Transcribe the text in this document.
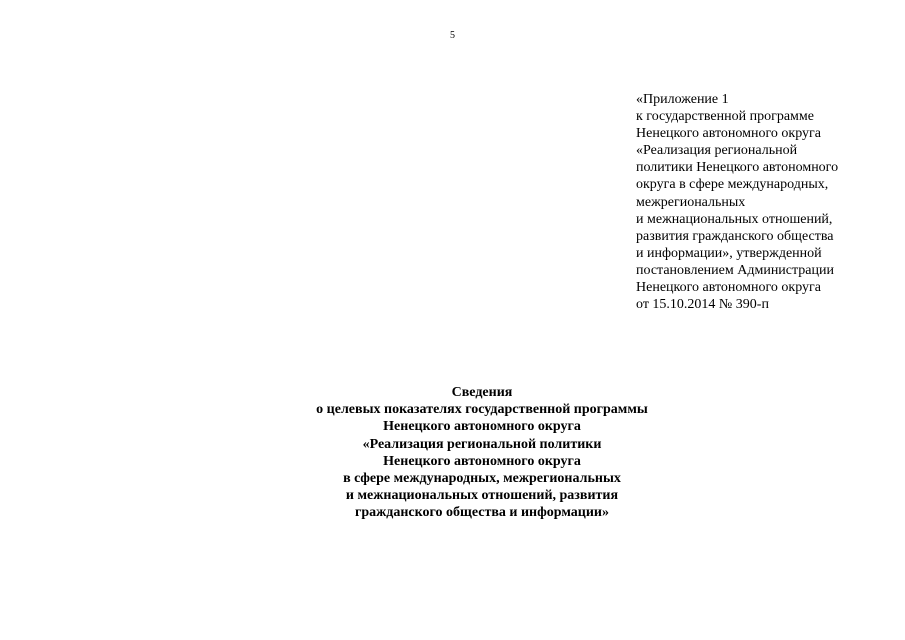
5
«Приложение 1
к государственной программе
Ненецкого автономного округа
«Реализация региональной
политики Ненецкого автономного
округа в сфере международных,
межрегиональных
и межнациональных отношений,
развития гражданского общества
и информации», утвержденной
постановлением Администрации
Ненецкого автономного округа
от 15.10.2014 № 390-п
Сведения
о целевых показателях государственной программы
Ненецкого автономного округа
«Реализация региональной политики
Ненецкого автономного округа
в сфере международных, межрегиональных
и межнациональных отношений, развития
гражданского общества и информации»
